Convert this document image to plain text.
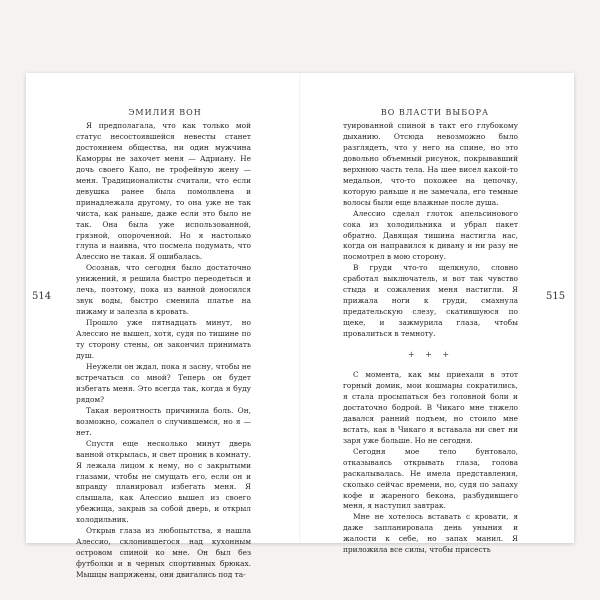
ЭМИЛИЯ ВОН	ВО ВЛАСТИ ВЫБОРА
514	515

Я предполагала, что как только мой статус несостоявшейся невесты станет достоянием общества, ни один мужчина Каморры не захочет меня — Адриану. Не дочь своего Капо, не трофейную жену — меня. Традиционалисты считали, что если девушка ранее была помолвлена и принадлежала другому, то она уже не так чиста, как раньше, даже если это было не так. Она была уже использованной, грязной, опороченной. Но я настолько глупа и наивна, что посмела подумать, что Алессио не такая. Я ошибалась.

Осознав, что сегодня было достаточно унижений, я решила быстро переодеться и лечь, поэтому, пока из ванной доносился звук воды, быстро сменила платье на пижаму и залезла в кровать.

Прошло уже пятнадцать минут, но Алессио не вышел, хотя, судя по тишине по ту сторону стены, он закончил принимать душ.

Неужели он ждал, пока я засну, чтобы не встречаться со мной? Теперь он будет избегать меня. Это всегда так, когда я буду рядом?

Такая вероятность причинила боль. Он, возможно, сожалел о случившемся, но я — нет.

Спустя еще несколько минут дверь ванной открылась, и свет проник в комнату. Я лежала лицом к нему, но с закрытыми глазами, чтобы не смущать его, если он и вправду планировал избегать меня. Я слышала, как Алессио вышел из своего убежища, закрыв за собой дверь, и открыл холодильник.

Открыв глаза из любопытства, я нашла Алессио, склонившегося над кухонным островом спиной ко мне. Он был без футболки и в черных спортивных брюках. Мышцы напряжены, они двигались под та-

туированной спиной в такт его глубокому дыханию. Отсюда невозможно было разглядеть, что у него на спине, но это довольно объемный рисунок, покрывавший верхнюю часть тела. На шее висел какой-то медальон, что-то похожее на цепочку, которую раньше я не замечала, его темные волосы были еще влажные после душа.

Алессио сделал глоток апельсинового сока из холодильника и убрал пакет обратно. Давящая тишина настигла нас, когда он направился к дивану и ни разу не посмотрел в мою сторону.

В груди что-то щелкнуло, словно сработал выключатель, и вот так чувство стыда и сожаления меня настигли. Я прижала ноги к груди, смахнула предательскую слезу, скатившуюся по щеке, и зажмурила глаза, чтобы провалиться в темноту.

+ + +

С момента, как мы приехали в этот горный домик, мои кошмары сократились, я стала просыпаться без головной боли и достаточно бодрой. В Чикаго мне тяжело давался ранний подъем, но стоило мне встать, как в Чикаго я вставала ни свет ни заря уже больше. Но не сегодня.

Сегодня мое тело бунтовало, отказываясь открывать глаза, голова раскалывалась. Не имела представления, сколько сейчас времени, но, судя по запаху кофе и жареного бекона, разбудившего меня, я наступил завтрак.

Мне не хотелось вставать с кровати, я даже запланировала день уныния и жалости к себе, но запах манил. Я приложила все силы, чтобы присесть
